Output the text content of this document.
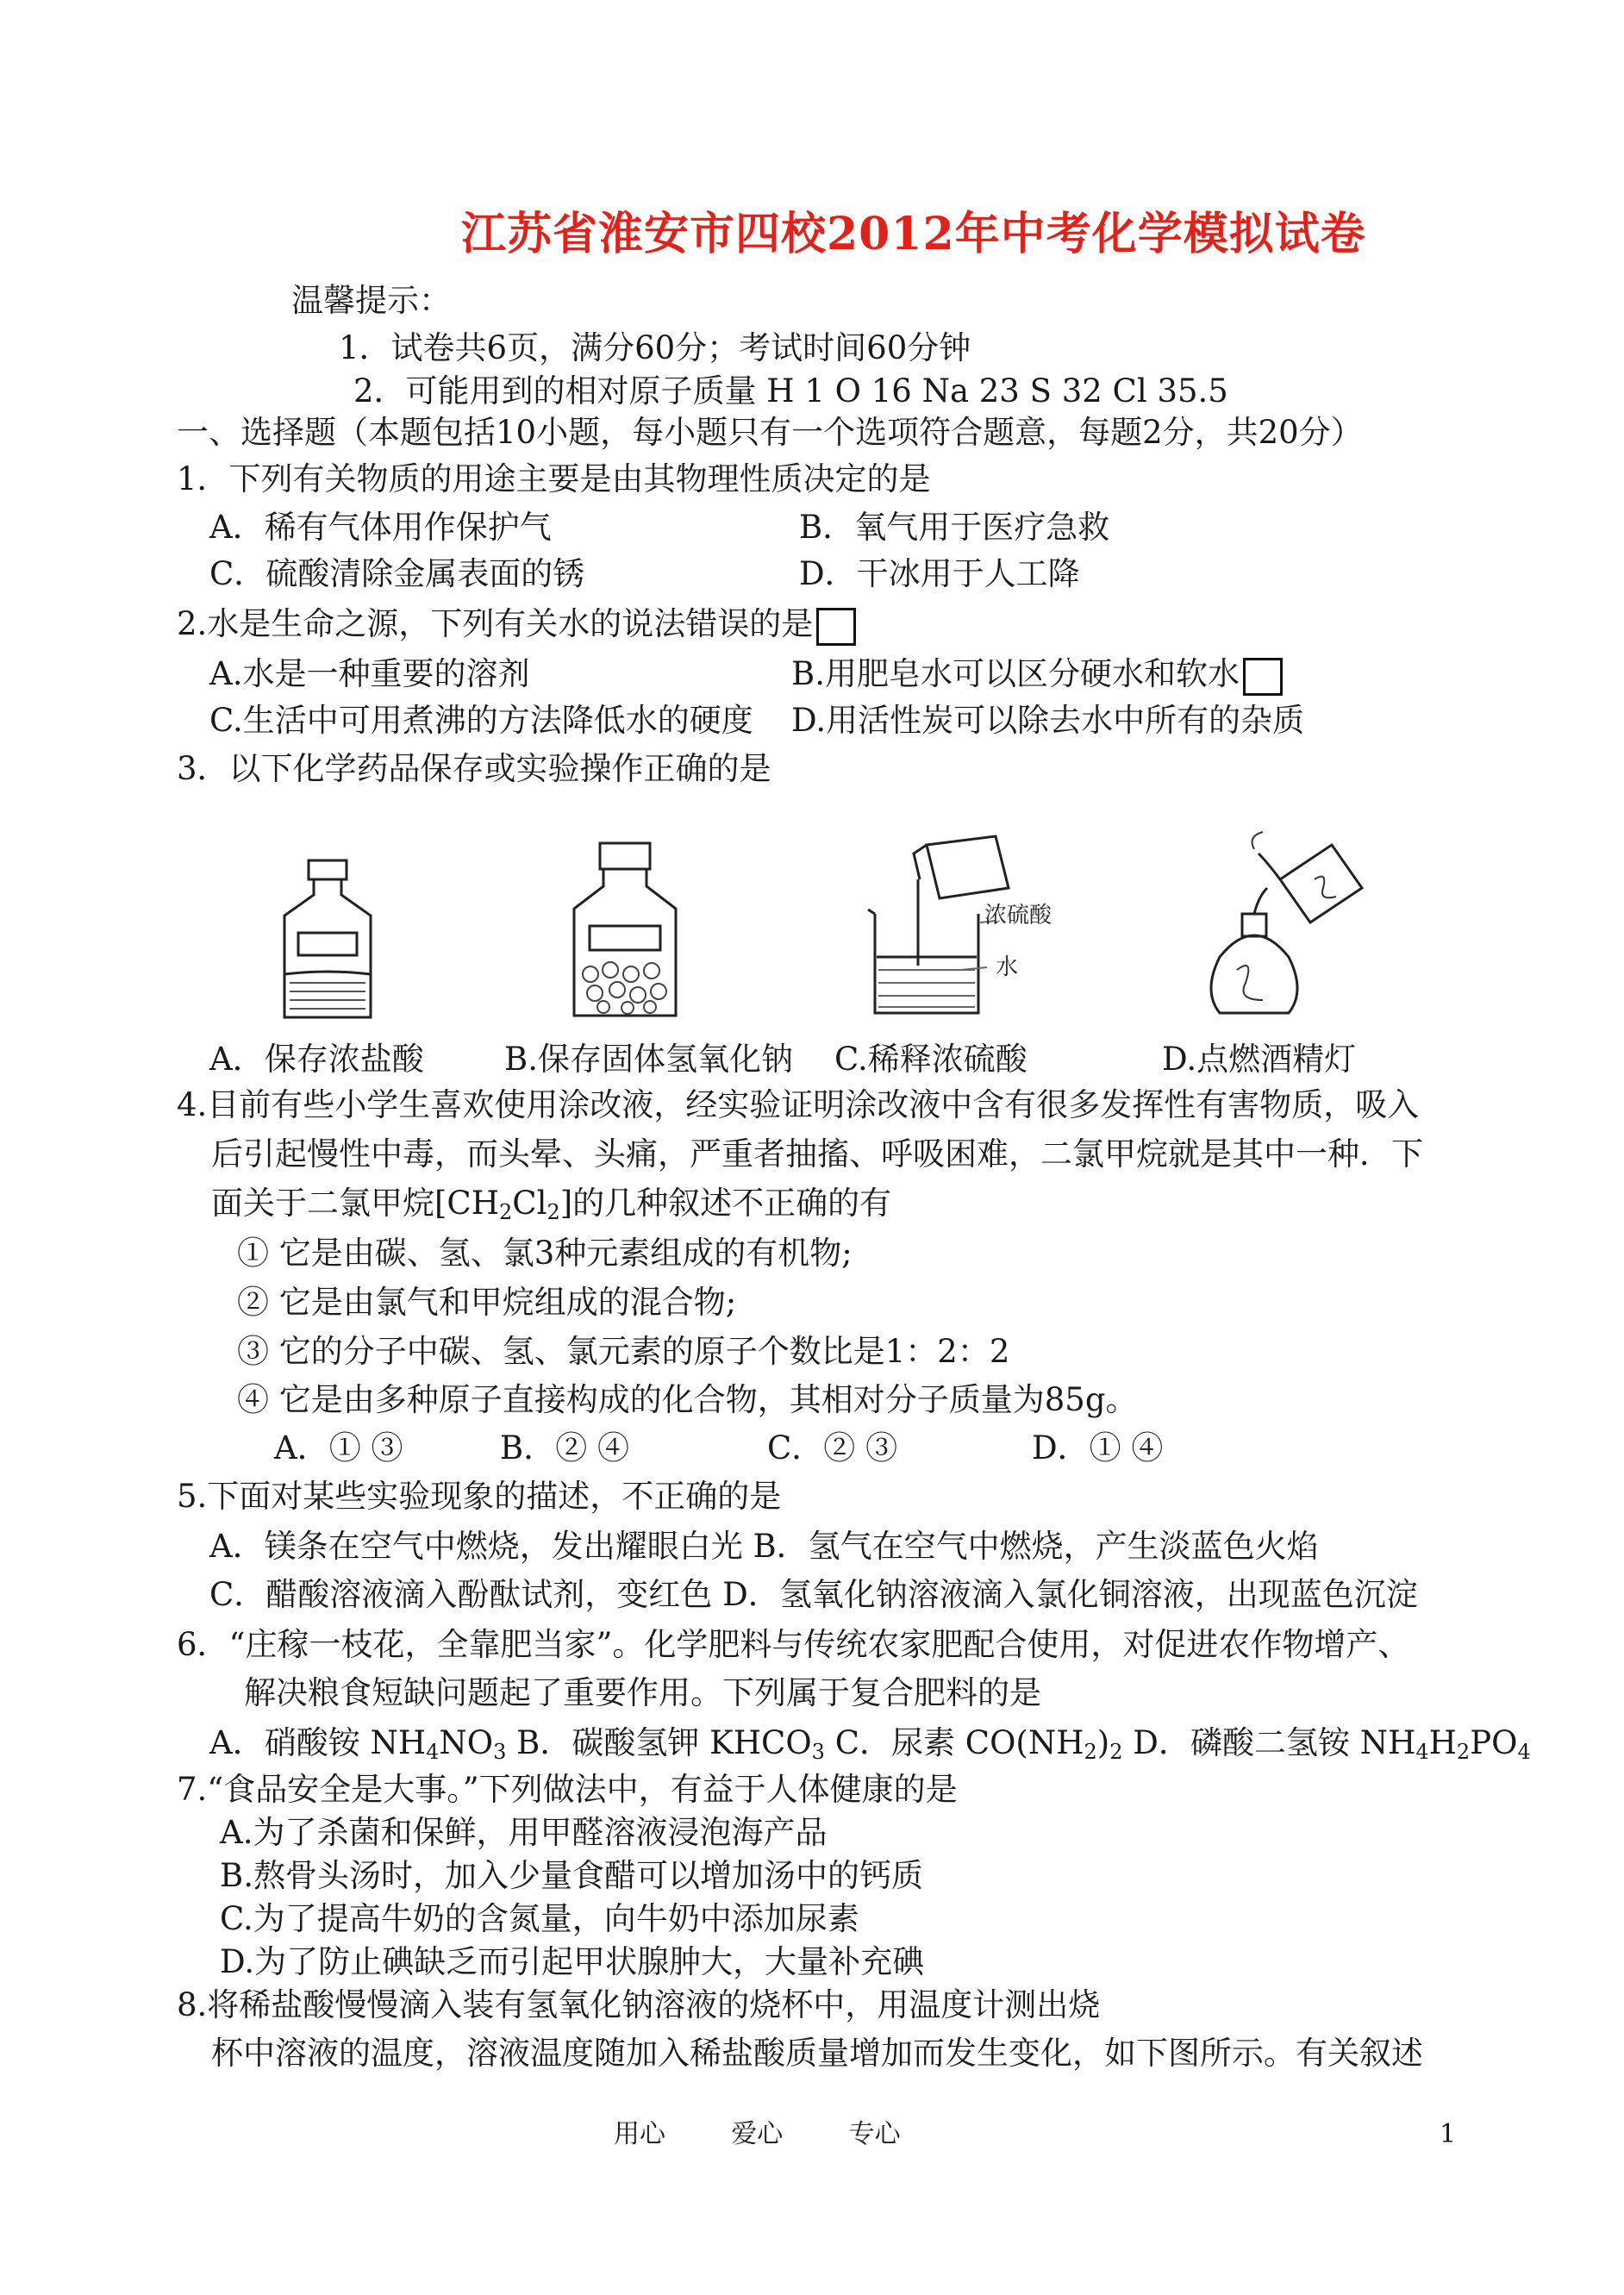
江苏省淮安市四校2012年中考化学模拟试卷
温馨提示：
1．试卷共6页，满分60分；考试时间60分钟
2．可能用到的相对原子质量 H 1 O 16 Na 23 S 32 Cl 35.5
一、选择题（本题包括10小题，每小题只有一个选项符合题意，每题2分，共20分）
1．下列有关物质的用途主要是由其物理性质决定的是
A．稀有气体用作保护气	B．氧气用于医疗急救
C．硫酸清除金属表面的锈	D．干冰用于人工降
2.水是生命之源，下列有关水的说法错误的是
A.水是一种重要的溶剂	B.用肥皂水可以区分硬水和软水
C.生活中可用煮沸的方法降低水的硬度 D.用活性炭可以除去水中所有的杂质
3．以下化学药品保存或实验操作正确的是
浓硫酸
水
A．保存浓盐酸	B.保存固体氢氧化钠 C.稀释浓硫酸	D.点燃酒精灯
4.目前有些小学生喜欢使用涂改液，经实验证明涂改液中含有很多发挥性有害物质，吸入
后引起慢性中毒，而头晕、头痛，严重者抽搐、呼吸困难，二氯甲烷就是其中一种．下
面关于二氯甲烷$[CH_2Cl_2]$的几种叙述不正确的有
① 它是由碳、氢、氯3种元素组成的有机物;
② 它是由氯气和甲烷组成的混合物;
③ 它的分子中碳、氢、氯元素的原子个数比是1：2：2
④ 它是由多种原子直接构成的化合物，其相对分子质量为85g。
A．① ③	B．② ④	C．② ③	D．① ④
5.下面对某些实验现象的描述，不正确的是
A．镁条在空气中燃烧，发出耀眼白光 B．氢气在空气中燃烧，产生淡蓝色火焰
C．醋酸溶液滴入酚酞试剂，变红色 D．氢氧化钠溶液滴入氯化铜溶液，出现蓝色沉淀
6．“庄稼一枝花，全靠肥当家”。化学肥料与传统农家肥配合使用，对促进农作物增产、
解决粮食短缺问题起了重要作用。下列属于复合肥料的是
A．硝酸铵 $NH_4NO_3$ B．碳酸氢钾 $KHCO_3$ C．尿素 $CO(NH_2)_2$ D．磷酸二氢铵 $NH_4H_2PO_4$
7.“食品安全是大事。”下列做法中，有益于人体健康的是
A.为了杀菌和保鲜，用甲醛溶液浸泡海产品
B.熬骨头汤时，加入少量食醋可以增加汤中的钙质
C.为了提高牛奶的含氮量，向牛奶中添加尿素
D.为了防止碘缺乏而引起甲状腺肿大，大量补充碘
8.将稀盐酸慢慢滴入装有氢氧化钠溶液的烧杯中，用温度计测出烧
杯中溶液的温度，溶液温度随加入稀盐酸质量增加而发生变化，如下图所示。有关叙述
用心        爱心        专心	1
